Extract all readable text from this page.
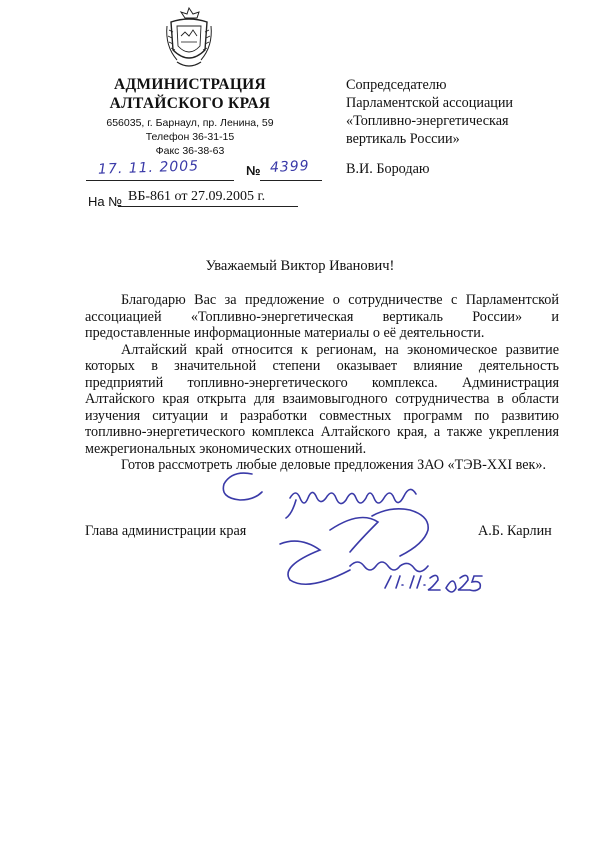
АДМИНИСТРАЦИЯ
АЛТАЙСКОГО КРАЯ
656035, г. Барнаул, пр. Ленина, 59
Телефон 36-31-15
Факс 36-38-63
17. 11. 2005	№ 4399
На № ВБ-861 от 27.09.2005 г.
Сопредседателю
Парламентской ассоциации
«Топливно-энергетическая
вертикаль России»
В.И. Бородаю
Уважаемый Виктор Иванович!

Благодарю Вас за предложение о сотрудничестве с Парламентской ассоциацией «Топливно-энергетическая вертикаль России» и предоставленные информационные материалы о её деятельности.

Алтайский край относится к регионам, на экономическое развитие которых в значительной степени оказывает влияние деятельность предприятий топливно-энергетического комплекса. Администрация Алтайского края открыта для взаимовыгодного сотрудничества в области изучения ситуации и разработки совместных программ по развитию топливно-энергетического комплекса Алтайского края, а также укрепления межрегиональных экономических отношений.

Готов рассмотреть любые деловые предложения ЗАО «ТЭВ-XXI век».

Глава администрации края	А.Б. Карлин
